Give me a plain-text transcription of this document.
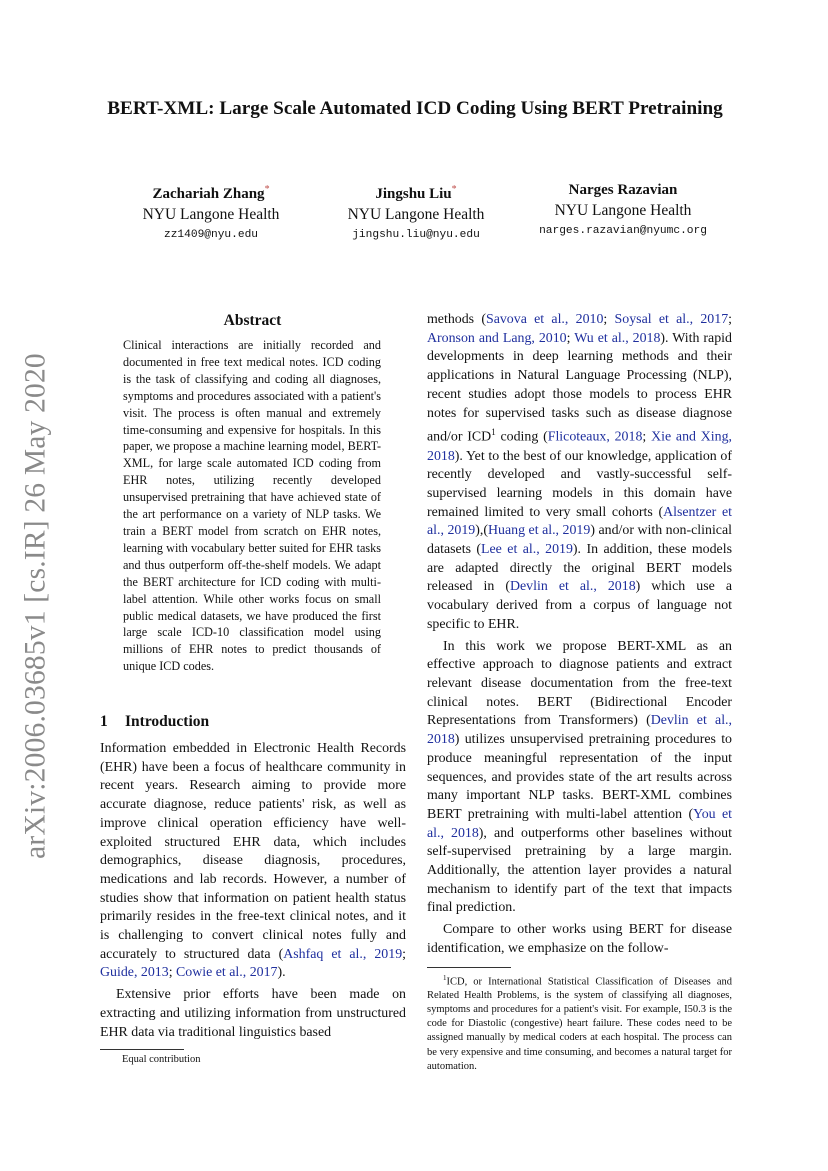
arXiv:2006.03685v1 [cs.IR] 26 May 2020
BERT-XML: Large Scale Automated ICD Coding Using BERT Pretraining
Zachariah Zhang*
NYU Langone Health
zz1409@nyu.edu
Jingshu Liu*
NYU Langone Health
jingshu.liu@nyu.edu
Narges Razavian
NYU Langone Health
narges.razavian@nyumc.org
Abstract
Clinical interactions are initially recorded and documented in free text medical notes. ICD coding is the task of classifying and coding all diagnoses, symptoms and procedures associated with a patient's visit. The process is often manual and extremely time-consuming and expensive for hospitals. In this paper, we propose a machine learning model, BERT-XML, for large scale automated ICD coding from EHR notes, utilizing recently developed unsupervised pretraining that have achieved state of the art performance on a variety of NLP tasks. We train a BERT model from scratch on EHR notes, learning with vocabulary better suited for EHR tasks and thus outperform off-the-shelf models. We adapt the BERT architecture for ICD coding with multi-label attention. While other works focus on small public medical datasets, we have produced the first large scale ICD-10 classification model using millions of EHR notes to predict thousands of unique ICD codes.
1 Introduction

Information embedded in Electronic Health Records (EHR) have been a focus of healthcare community in recent years. Research aiming to provide more accurate diagnose, reduce patients' risk, as well as improve clinical operation efficiency have well-exploited structured EHR data, which includes demographics, disease diagnosis, procedures, medications and lab records. However, a number of studies show that information on patient health status primarily resides in the free-text clinical notes, and it is challenging to convert clinical notes fully and accurately to structured data (Ashfaq et al., 2019; Guide, 2013; Cowie et al., 2017).

Extensive prior efforts have been made on extracting and utilizing information from unstructured EHR data via traditional linguistics based

Equal contribution

methods (Savova et al., 2010; Soysal et al., 2017; Aronson and Lang, 2010; Wu et al., 2018). With rapid developments in deep learning methods and their applications in Natural Language Processing (NLP), recent studies adopt those models to process EHR notes for supervised tasks such as disease diagnose and/or ICD$^1$ coding (Flicoteaux, 2018; Xie and Xing, 2018). Yet to the best of our knowledge, application of recently developed and vastly-successful self-supervised learning models in this domain have remained limited to very small cohorts (Alsentzer et al., 2019),(Huang et al., 2019) and/or with non-clinical datasets (Lee et al., 2019). In addition, these models are adapted directly the original BERT models released in (Devlin et al., 2018) which use a vocabulary derived from a corpus of language not specific to EHR.

In this work we propose BERT-XML as an effective approach to diagnose patients and extract relevant disease documentation from the free-text clinical notes. BERT (Bidirectional Encoder Representations from Transformers) (Devlin et al., 2018) utilizes unsupervised pretraining procedures to produce meaningful representation of the input sequences, and provides state of the art results across many important NLP tasks. BERT-XML combines BERT pretraining with multi-label attention (You et al., 2018), and outperforms other baselines without self-supervised pretraining by a large margin. Additionally, the attention layer provides a natural mechanism to identify part of the text that impacts final prediction.

Compare to other works using BERT for disease identification, we emphasize on the follow-

$^1$ICD, or International Statistical Classification of Diseases and Related Health Problems, is the system of classifying all diagnoses, symptoms and procedures for a patient's visit. For example, I50.3 is the code for Diastolic (congestive) heart failure. These codes need to be assigned manually by medical coders at each hospital. The process can be very expensive and time consuming, and becomes a natural target for automation.
